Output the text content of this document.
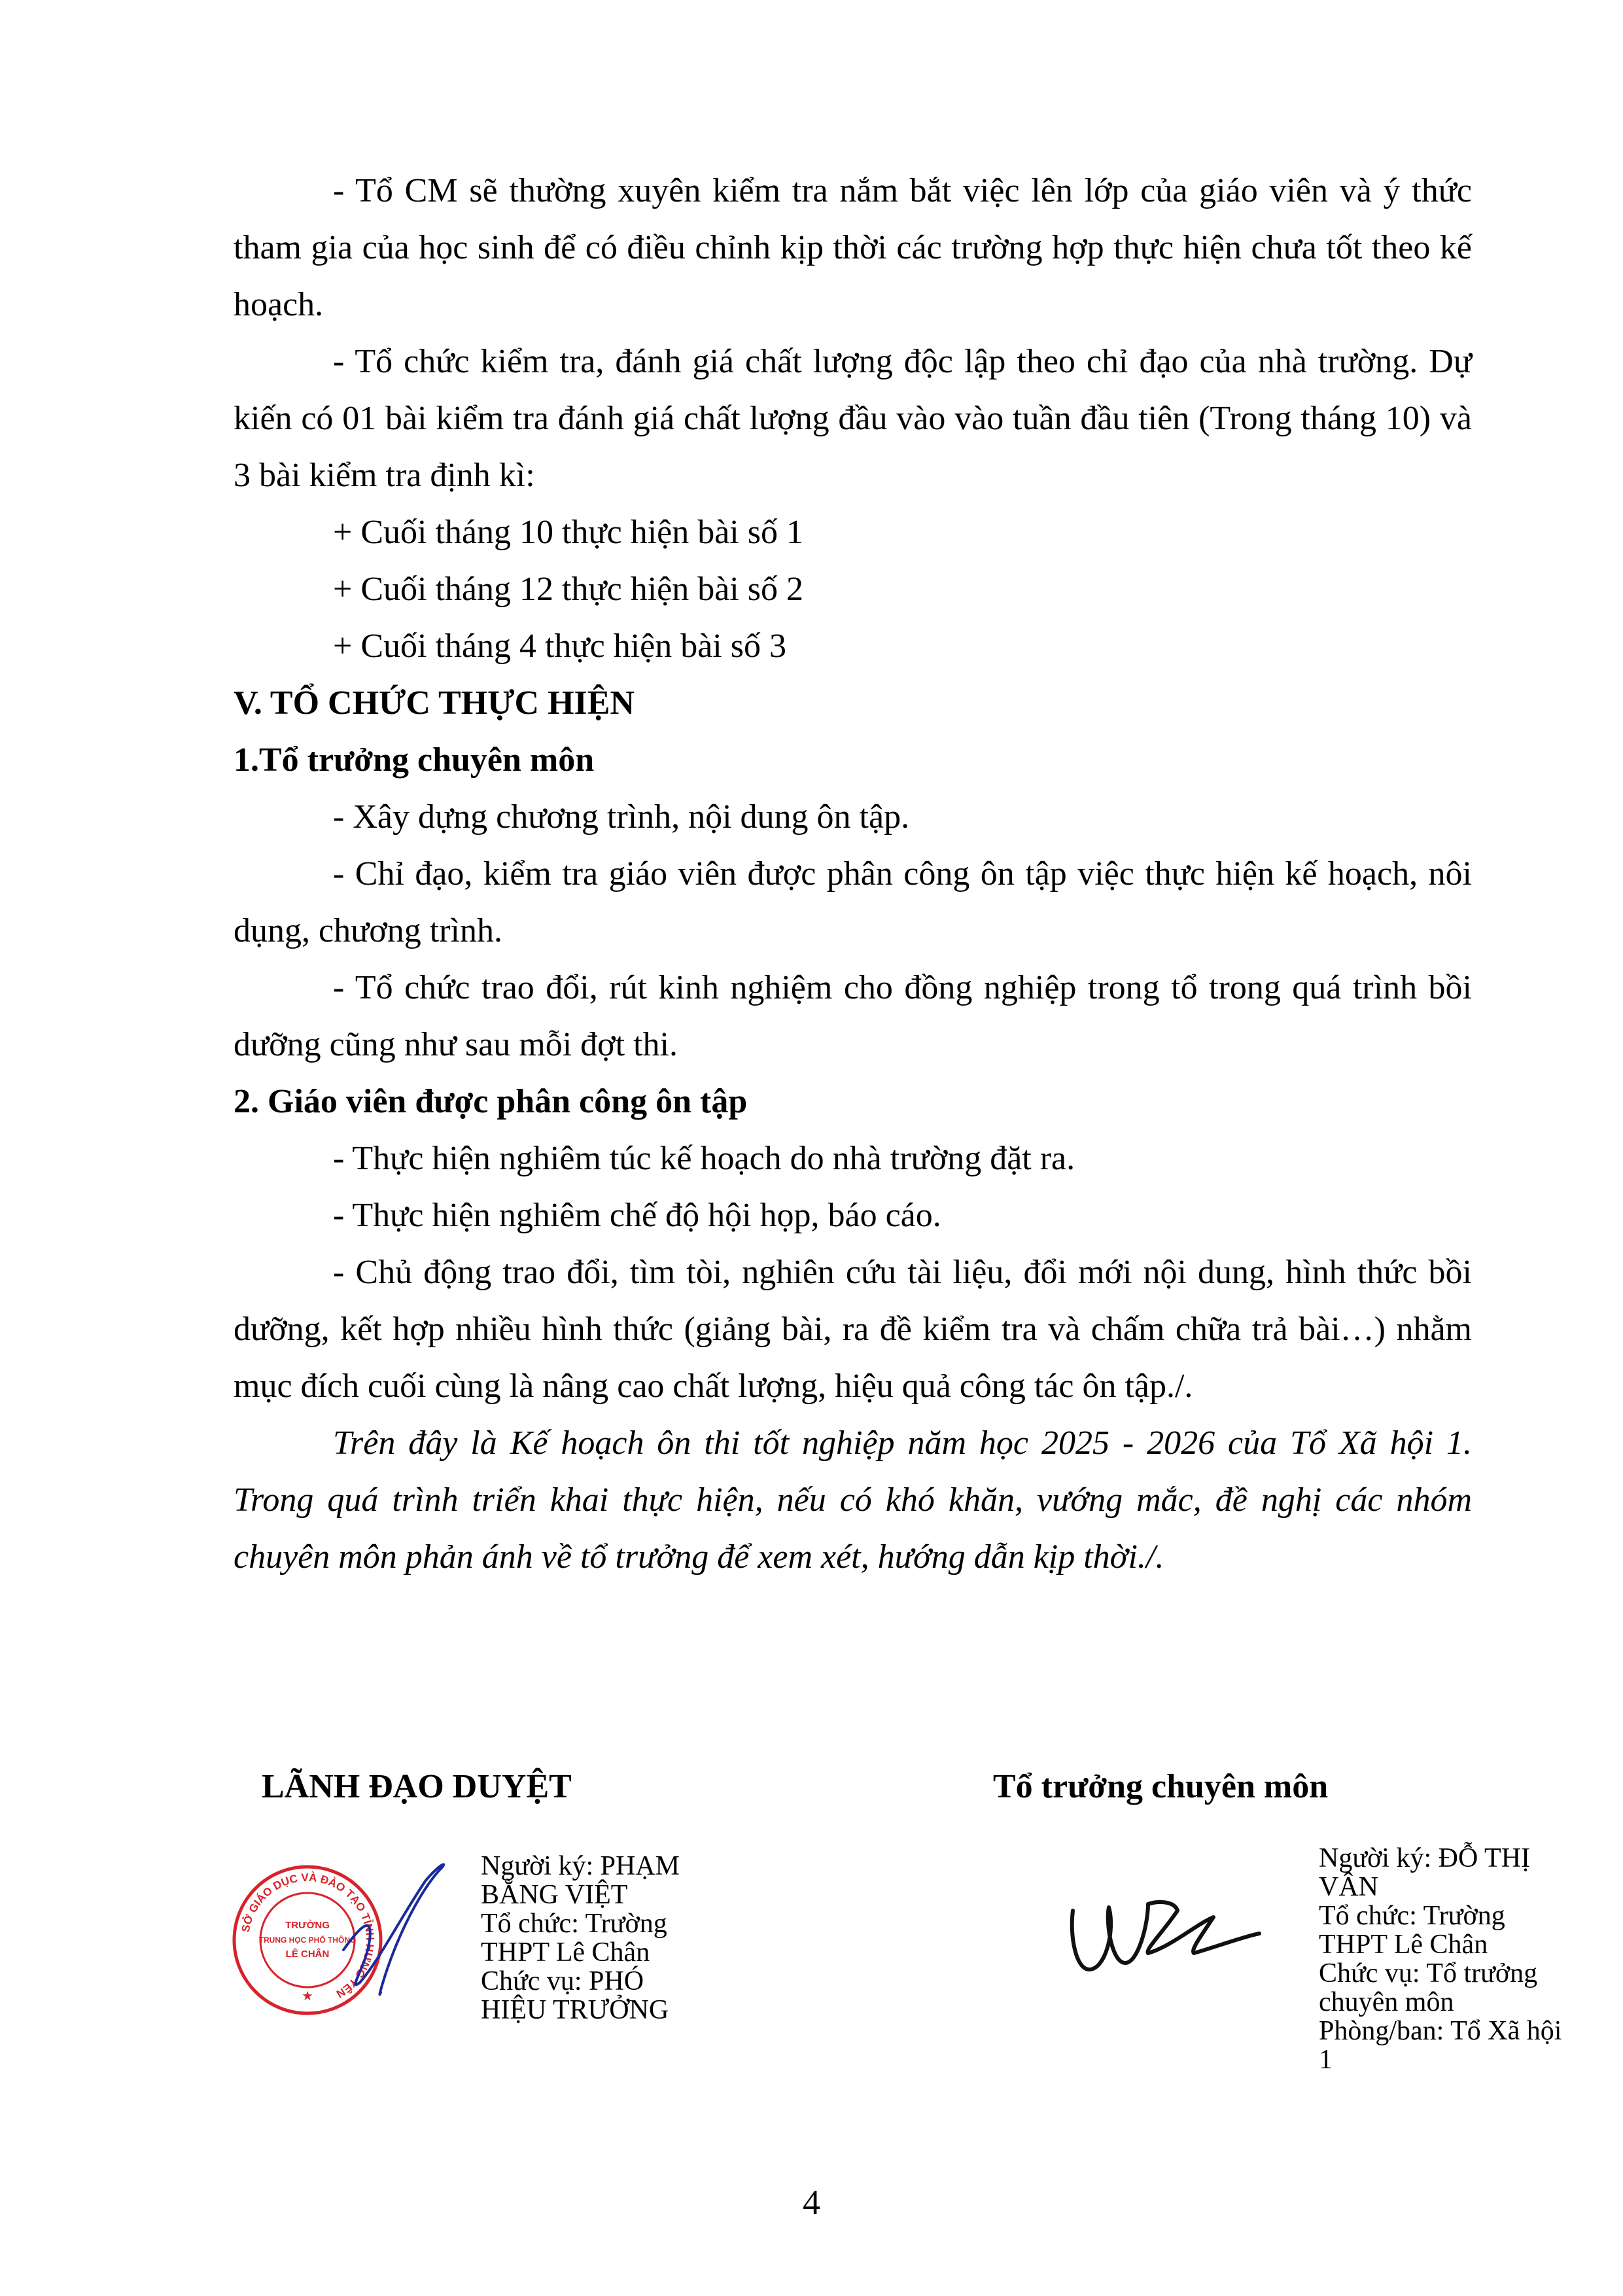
- Tổ CM sẽ thường xuyên kiểm tra nắm bắt việc lên lớp của giáo viên và ý thức tham gia của học sinh để có điều chỉnh kịp thời các trường hợp thực hiện chưa tốt theo kế hoạch.

- Tổ chức kiểm tra, đánh giá chất lượng độc lập theo chỉ đạo của nhà trường. Dự kiến có 01 bài kiểm tra đánh giá chất lượng đầu vào vào tuần đầu tiên (Trong tháng 10) và 3 bài kiểm tra định kì:

+ Cuối tháng 10 thực hiện bài số 1

+ Cuối tháng 12 thực hiện bài số 2

+ Cuối tháng 4 thực hiện bài số 3

V. TỔ CHỨC THỰC HIỆN

1.Tổ trưởng chuyên môn

- Xây dựng chương trình, nội dung ôn tập.

- Chỉ đạo, kiểm tra giáo viên được phân công ôn tập việc thực hiện kế hoạch, nôi dụng, chương trình.

- Tổ chức trao đổi, rút kinh nghiệm cho đồng nghiệp trong tổ trong quá trình bồi dưỡng cũng như sau mỗi đợt thi.

2. Giáo viên được phân công ôn tập

- Thực hiện nghiêm túc kế hoạch do nhà trường đặt ra.

- Thực hiện nghiêm chế độ hội họp, báo cáo.

- Chủ động trao đổi, tìm tòi, nghiên cứu tài liệu, đổi mới nội dung, hình thức bồi dưỡng, kết hợp nhiều hình thức (giảng bài, ra đề kiểm tra và chấm chữa trả bài…) nhằm mục đích cuối cùng là nâng cao chất lượng, hiệu quả công tác ôn tập./.

Trên đây là Kế hoạch ôn thi tốt nghiệp năm học 2025 - 2026 của Tổ Xã hội 1. Trong quá trình triển khai thực hiện, nếu có khó khăn, vướng mắc, đề nghị các nhóm chuyên môn phản ánh về tổ trưởng để xem xét, hướng dẫn kịp thời./.

LÃNH ĐẠO DUYỆT	Tổ trưởng chuyên môn
SỞ GIÁO DỤC VÀ ĐÀO TẠO TỈNH HƯNG YÊN
TRƯỜNG
TRUNG HỌC PHỔ THÔNG
LÊ CHÂN
★
Người ký: PHẠM
BẰNG VIỆT
Tổ chức: Trường
THPT Lê Chân
Chức vụ: PHÓ
HIỆU TRƯỞNG
Người ký: ĐỖ THỊ
VÂN
Tổ chức: Trường
THPT Lê Chân
Chức vụ: Tổ trưởng
chuyên môn
Phòng/ban: Tổ Xã hội
1
4
